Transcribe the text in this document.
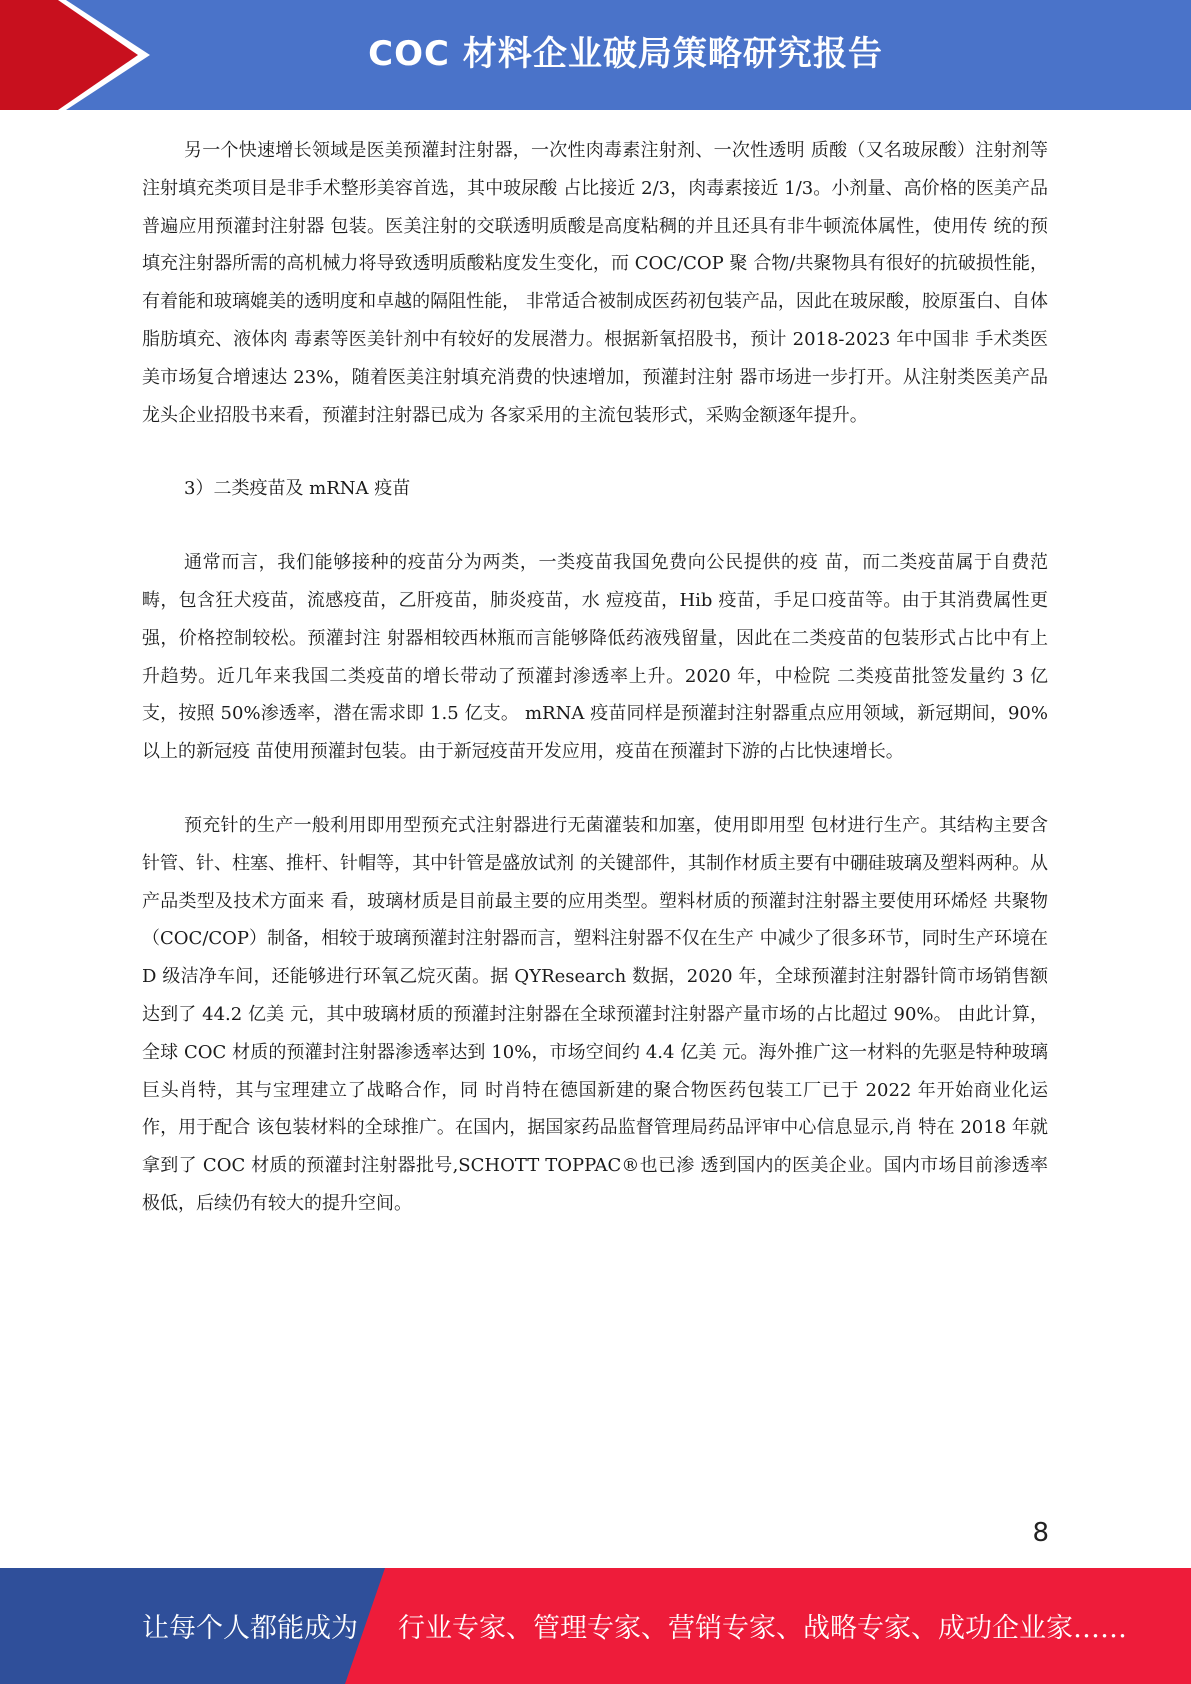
COC 材料企业破局策略研究报告

另一个快速增长领域是医美预灌封注射器，一次性肉毒素注射剂、一次性透明 质酸（又名玻尿酸）注射剂等注射填充类项目是非手术整形美容首选，其中玻尿酸 占比接近 2/3，肉毒素接近 1/3。小剂量、高价格的医美产品普遍应用预灌封注射器 包装。医美注射的交联透明质酸是高度粘稠的并且还具有非牛顿流体属性，使用传 统的预填充注射器所需的高机械力将导致透明质酸粘度发生变化，而 COC/COP 聚 合物/共聚物具有很好的抗破损性能，有着能和玻璃媲美的透明度和卓越的隔阻性能， 非常适合被制成医药初包装产品，因此在玻尿酸，胶原蛋白、自体脂肪填充、液体肉 毒素等医美针剂中有较好的发展潜力。根据新氧招股书，预计 2018-2023 年中国非 手术类医美市场复合增速达 23%，随着医美注射填充消费的快速增加，预灌封注射 器市场进一步打开。从注射类医美产品龙头企业招股书来看，预灌封注射器已成为 各家采用的主流包装形式，采购金额逐年提升。

3）二类疫苗及 mRNA 疫苗

通常而言，我们能够接种的疫苗分为两类，一类疫苗我国免费向公民提供的疫 苗，而二类疫苗属于自费范畴，包含狂犬疫苗，流感疫苗，乙肝疫苗，肺炎疫苗，水 痘疫苗，Hib 疫苗，手足口疫苗等。由于其消费属性更强，价格控制较松。预灌封注 射器相较西林瓶而言能够降低药液残留量，因此在二类疫苗的包装形式占比中有上 升趋势。近几年来我国二类疫苗的增长带动了预灌封渗透率上升。2020 年，中检院 二类疫苗批签发量约 3 亿支，按照 50%渗透率，潜在需求即 1.5 亿支。 mRNA 疫苗同样是预灌封注射器重点应用领域，新冠期间，90%以上的新冠疫 苗使用预灌封包装。由于新冠疫苗开发应用，疫苗在预灌封下游的占比快速增长。

预充针的生产一般利用即用型预充式注射器进行无菌灌装和加塞，使用即用型 包材进行生产。其结构主要含针管、针、柱塞、推杆、针帽等，其中针管是盛放试剂 的关键部件，其制作材质主要有中硼硅玻璃及塑料两种。从产品类型及技术方面来 看，玻璃材质是目前最主要的应用类型。塑料材质的预灌封注射器主要使用环烯烃 共聚物（COC/COP）制备，相较于玻璃预灌封注射器而言，塑料注射器不仅在生产 中减少了很多环节，同时生产环境在 D 级洁净车间，还能够进行环氧乙烷灭菌。据 QYResearch 数据，2020 年，全球预灌封注射器针筒市场销售额达到了 44.2 亿美 元，其中玻璃材质的预灌封注射器在全球预灌封注射器产量市场的占比超过 90%。 由此计算，全球 COC 材质的预灌封注射器渗透率达到 10%，市场空间约 4.4 亿美 元。海外推广这一材料的先驱是特种玻璃巨头肖特，其与宝理建立了战略合作，同 时肖特在德国新建的聚合物医药包装工厂已于 2022 年开始商业化运作，用于配合 该包装材料的全球推广。在国内，据国家药品监督管理局药品评审中心信息显示,肖 特在 2018 年就拿到了 COC 材质的预灌封注射器批号,SCHOTT TOPPAC®也已渗 透到国内的医美企业。国内市场目前渗透率极低，后续仍有较大的提升空间。

8
让每个人都能成为 行业专家、管理专家、营销专家、战略专家、成功企业家……
